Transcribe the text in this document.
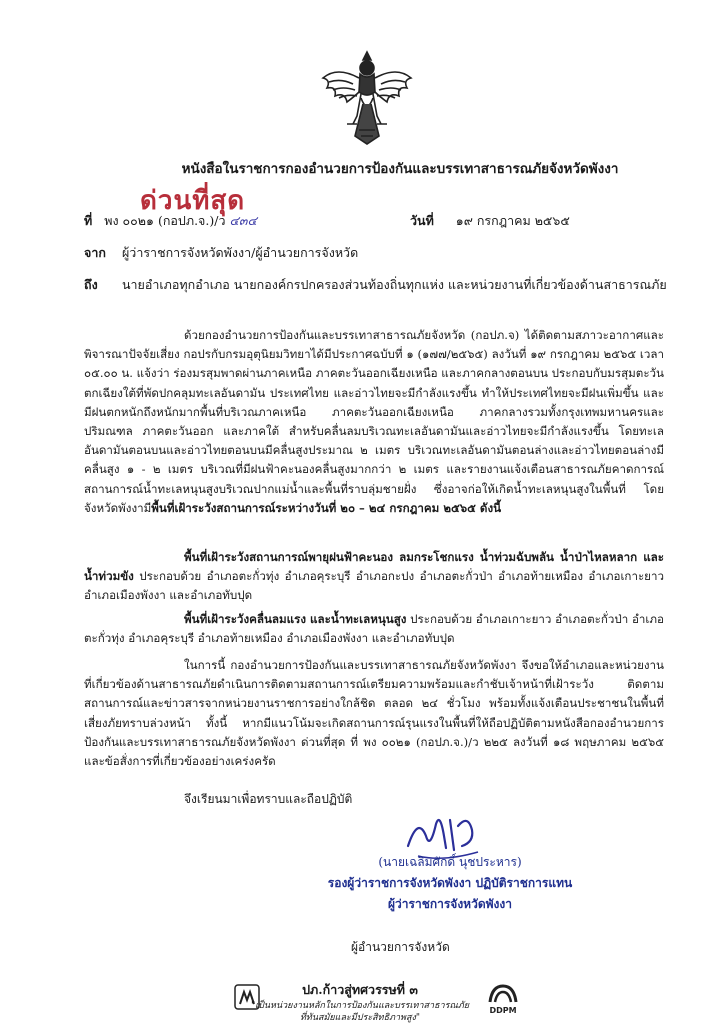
หนังสือในราชการกองอำนวยการป้องกันและบรรเทาสาธารณภัยจังหวัดพังงา
ด่วนที่สุด
ที่ พง ๐๐๒๑ (กอปภ.จ.)/ว ๔๓๔	วันที่ ๑๙ กรกฎาคม ๒๕๖๕
จาก ผู้ว่าราชการจังหวัดพังงา/ผู้อำนวยการจังหวัด
ถึง นายอำเภอทุกอำเภอ นายกองค์กรปกครองส่วนท้องถิ่นทุกแห่ง และหน่วยงานที่เกี่ยวข้องด้านสาธารณภัย
ด้วยกองอำนวยการป้องกันและบรรเทาสาธารณภัยจังหวัด (กอปภ.จ) ได้ติดตามสภาวะอากาศและพิจารณาปัจจัยเสี่ยง กอปรกับกรมอุตุนิยมวิทยาได้มีประกาศฉบับที่ ๑ (๑๗๗/๒๕๖๕) ลงวันที่ ๑๙ กรกฎาคม ๒๕๖๕ เวลา ๐๕.๐๐ น. แจ้งว่า ร่องมรสุมพาดผ่านภาคเหนือ ภาคตะวันออกเฉียงเหนือ และภาคกลางตอนบน ประกอบกับมรสุมตะวันตกเฉียงใต้ที่พัดปกคลุมทะเลอันดามัน ประเทศไทย และอ่าวไทยจะมีกำลังแรงขึ้น ทำให้ประเทศไทยจะมีฝนเพิ่มขึ้น และมีฝนตกหนักถึงหนักมากพื้นที่บริเวณภาคเหนือ ภาคตะวันออกเฉียงเหนือ ภาคกลางรวมทั้งกรุงเทพมหานครและปริมณฑล ภาคตะวันออก และภาคใต้ สำหรับคลื่นลมบริเวณทะเลอันดามันและอ่าวไทยจะมีกำลังแรงขึ้น โดยทะเลอันดามันตอนบนและอ่าวไทยตอนบนมีคลื่นสูงประมาณ ๒ เมตร บริเวณทะเลอันดามันตอนล่างและอ่าวไทยตอนล่างมีคลื่นสูง ๑ - ๒ เมตร บริเวณที่มีฝนฟ้าคะนองคลื่นสูงมากกว่า ๒ เมตร และรายงานแจ้งเตือนสาธารณภัยคาดการณ์สถานการณ์น้ำทะเลหนุนสูงบริเวณปากแม่น้ำและพื้นที่ราบลุ่มชายฝั่ง ซึ่งอาจก่อให้เกิดน้ำทะเลหนุนสูงในพื้นที่ โดยจังหวัดพังงามีพื้นที่เฝ้าระวังสถานการณ์ระหว่างวันที่ ๒๐ – ๒๔ กรกฎาคม ๒๕๖๕ ดังนี้
พื้นที่เฝ้าระวังสถานการณ์พายุฝนฟ้าคะนอง ลมกระโชกแรง น้ำท่วมฉับพลัน น้ำป่าไหลหลาก และน้ำท่วมขัง ประกอบด้วย อำเภอตะกั่วทุ่ง อำเภอคุระบุรี อำเภอกะปง อำเภอตะกั่วป่า อำเภอท้ายเหมือง อำเภอเกาะยาว อำเภอเมืองพังงา และอำเภอทับปุด
พื้นที่เฝ้าระวังคลื่นลมแรง และน้ำทะเลหนุนสูง ประกอบด้วย อำเภอเกาะยาว อำเภอตะกั่วป่า อำเภอตะกั่วทุ่ง อำเภอคุระบุรี อำเภอท้ายเหมือง อำเภอเมืองพังงา และอำเภอทับปุด
ในการนี้ กองอำนวยการป้องกันและบรรเทาสาธารณภัยจังหวัดพังงา จึงขอให้อำเภอและหน่วยงานที่เกี่ยวข้องด้านสาธารณภัยดำเนินการติดตามสถานการณ์เตรียมความพร้อมและกำชับเจ้าหน้าที่เฝ้าระวัง ติดตามสถานการณ์และข่าวสารจากหน่วยงานราชการอย่างใกล้ชิด ตลอด ๒๔ ชั่วโมง พร้อมทั้งแจ้งเตือนประชาชนในพื้นที่เสี่ยงภัยทราบล่วงหน้า ทั้งนี้ หากมีแนวโน้มจะเกิดสถานการณ์รุนแรงในพื้นที่ให้ถือปฏิบัติตามหนังสือกองอำนวยการป้องกันและบรรเทาสาธารณภัยจังหวัดพังงา ด่วนที่สุด ที่ พง ๐๐๒๑ (กอปภ.จ.)/ว ๒๒๕ ลงวันที่ ๑๘ พฤษภาคม ๒๕๖๕ และข้อสั่งการที่เกี่ยวข้องอย่างเคร่งครัด
จึงเรียนมาเพื่อทราบและถือปฏิบัติ
(นายเฉลิมศักดิ์ นุชประหาร)
รองผู้ว่าราชการจังหวัดพังงา ปฏิบัติราชการแทน
ผู้ว่าราชการจังหวัดพังงา
ผู้อำนวยการจังหวัด
ปภ.ก้าวสู่ทศวรรษที่ ๓
"เป็นหน่วยงานหลักในการป้องกันและบรรเทาสาธารณภัย
ที่ทันสมัยและมีประสิทธิภาพสูง"
DDPM
